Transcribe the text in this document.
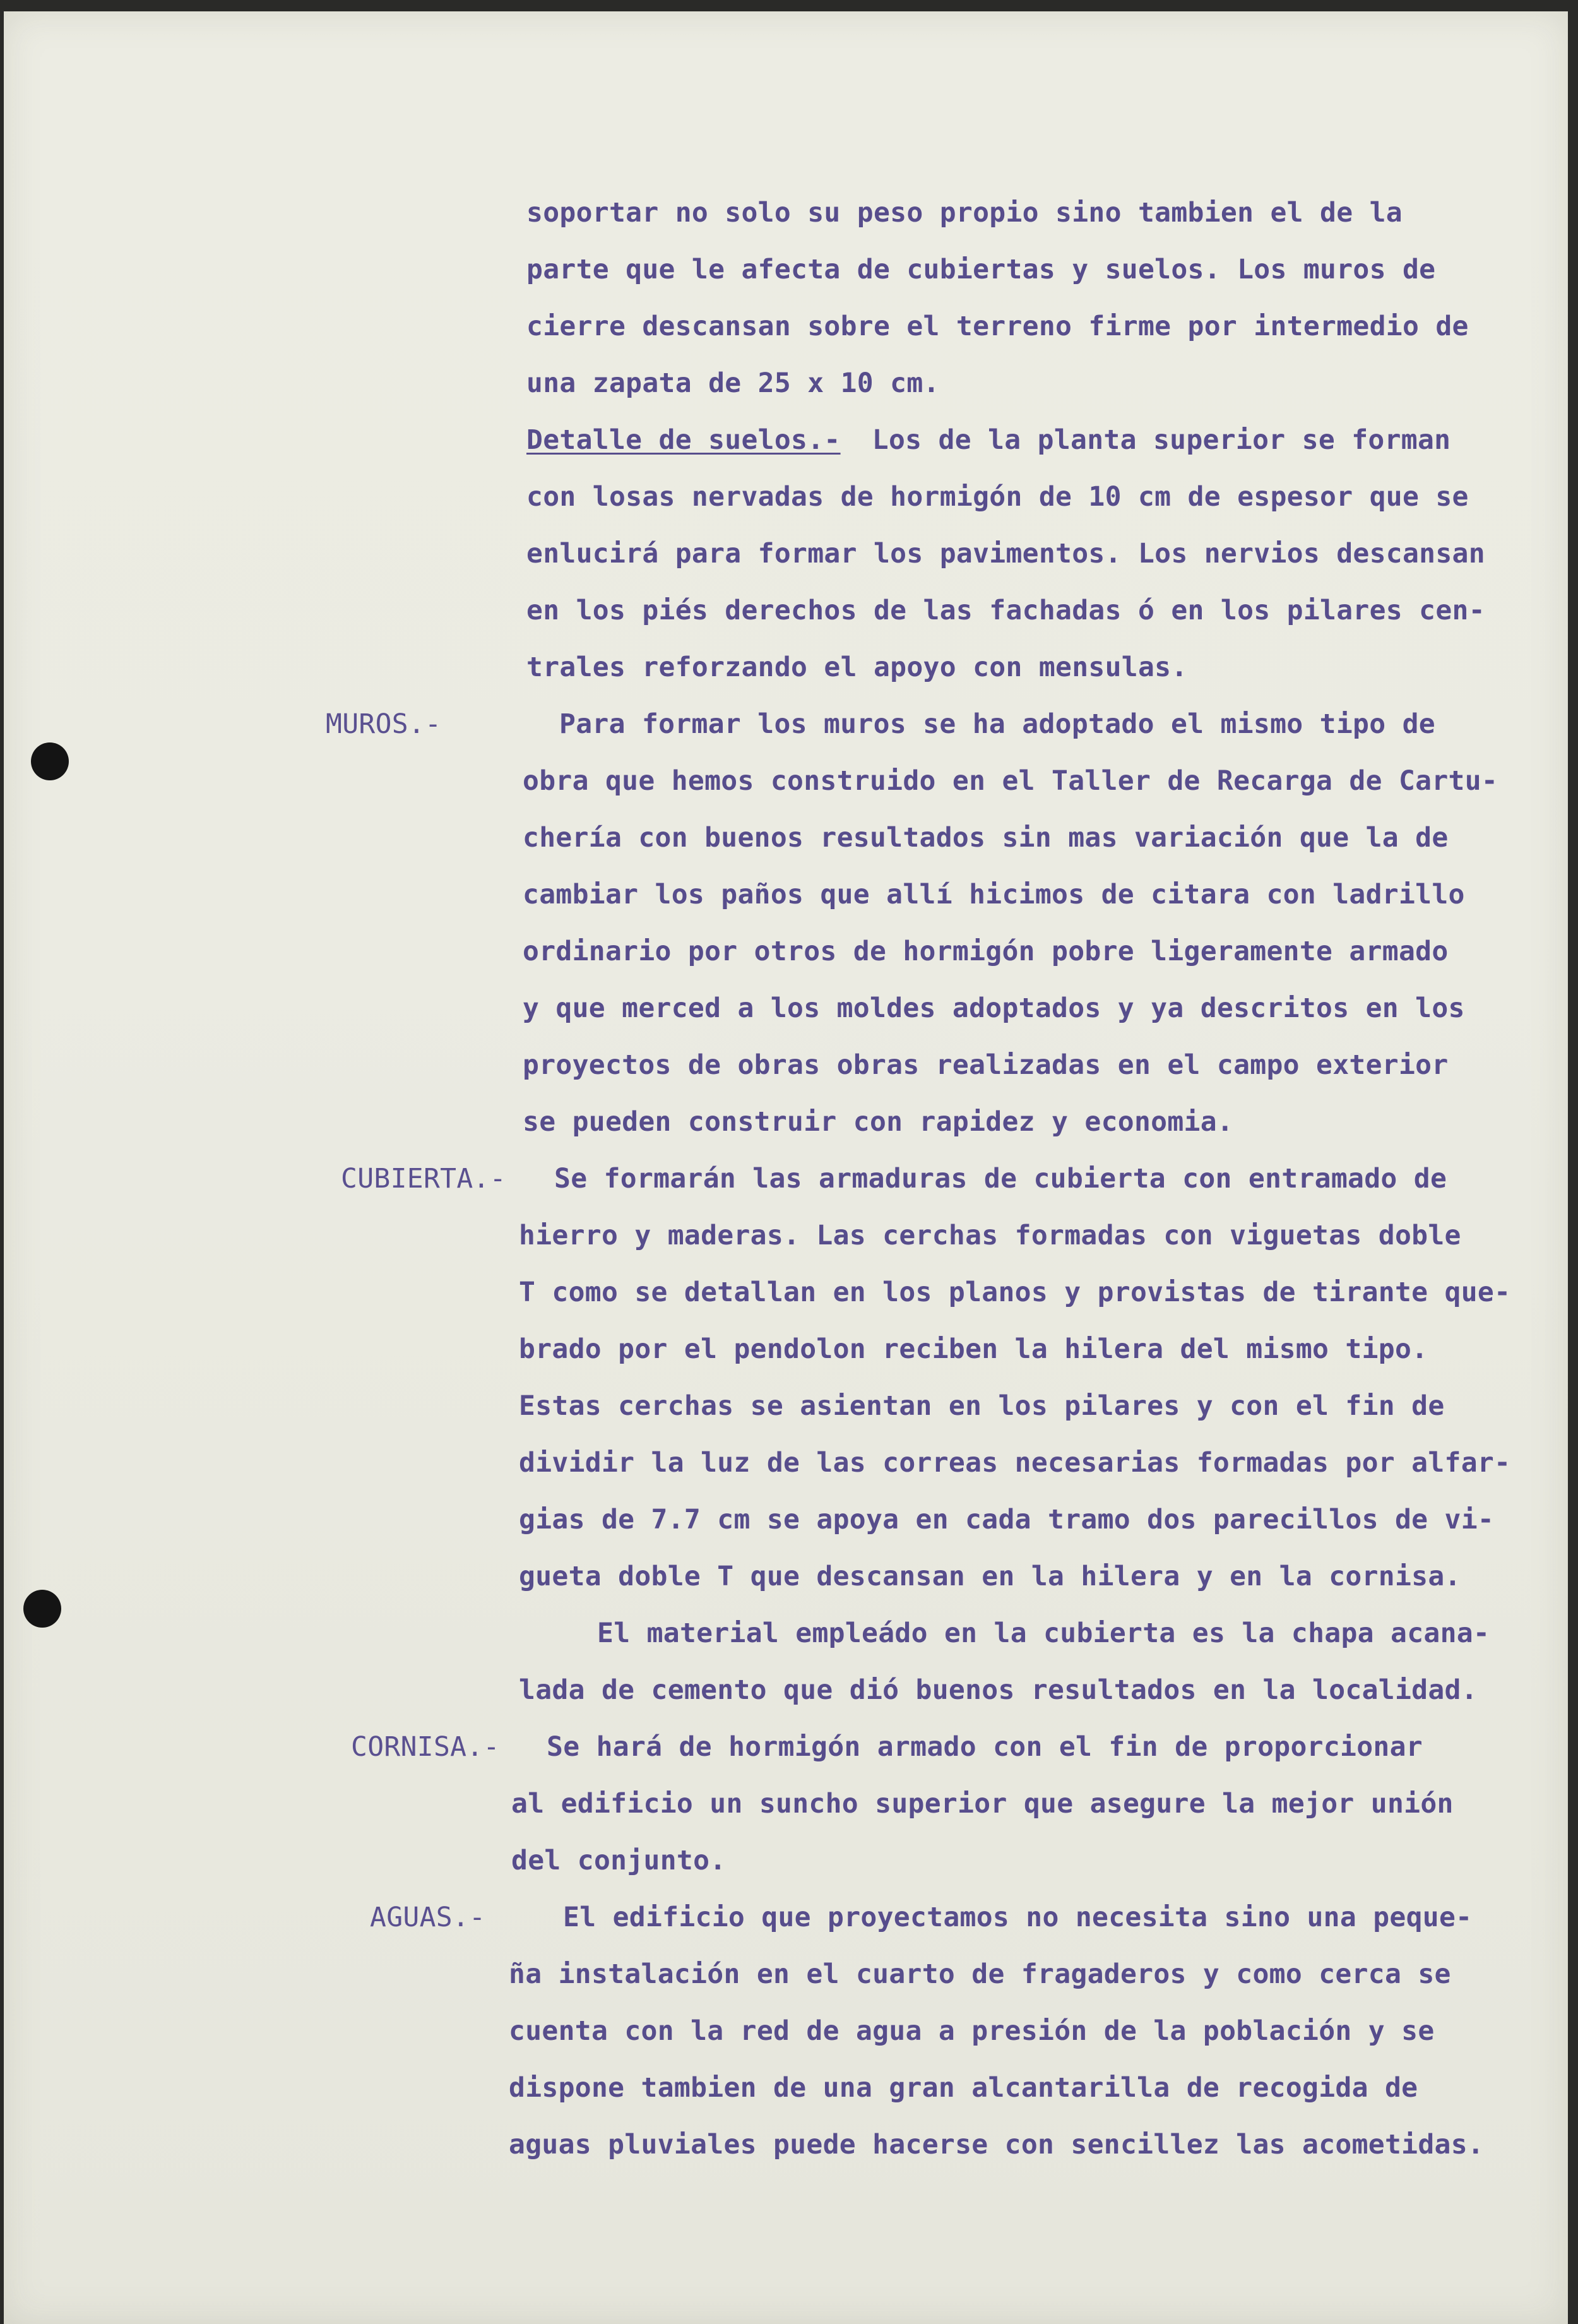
soportar no solo su peso propio sino tambien el de la
parte que le afecta de cubiertas y suelos. Los muros de
cierre descansan sobre el terreno firme por intermedio de
una zapata de 25 x 10 cm.
Detalle de suelos.- Los de la planta superior se forman
con losas nervadas de hormigón de 10 cm de espesor que se
enlucirá para formar los pavimentos. Los nervios descansan
en los piés derechos de las fachadas ó en los pilares cen-
trales reforzando el apoyo con mensulas.
MUROS.-	Para formar los muros se ha adoptado el mismo tipo de
obra que hemos construido en el Taller de Recarga de Cartu-
chería con buenos resultados sin mas variación que la de
cambiar los paños que allí hicimos de citara con ladrillo
ordinario por otros de hormigón pobre ligeramente armado
y que merced a los moldes adoptados y ya descritos en los
proyectos de obras obras realizadas en el campo exterior
se pueden construir con rapidez y economia.
CUBIERTA.- Se formarán las armaduras de cubierta con entramado de
hierro y maderas. Las cerchas formadas con viguetas doble
T como se detallan en los planos y provistas de tirante que-
brado por el pendolon reciben la hilera del mismo tipo.
Estas cerchas se asientan en los pilares y con el fin de
dividir la luz de las correas necesarias formadas por alfar-
gias de 7.7 cm se apoya en cada tramo dos parecillos de vi-
gueta doble T que descansan en la hilera y en la cornisa.
El material empleádo en la cubierta es la chapa acana-
lada de cemento que dió buenos resultados en la localidad.
CORNISA.- Se hará de hormigón armado con el fin de proporcionar
al edificio un suncho superior que asegure la mejor unión
del conjunto.
AGUAS.-	El edificio que proyectamos no necesita sino una peque-
ña instalación en el cuarto de fragaderos y como cerca se
cuenta con la red de agua a presión de la población y se
dispone tambien de una gran alcantarilla de recogida de
aguas pluviales puede hacerse con sencillez las acometidas.
